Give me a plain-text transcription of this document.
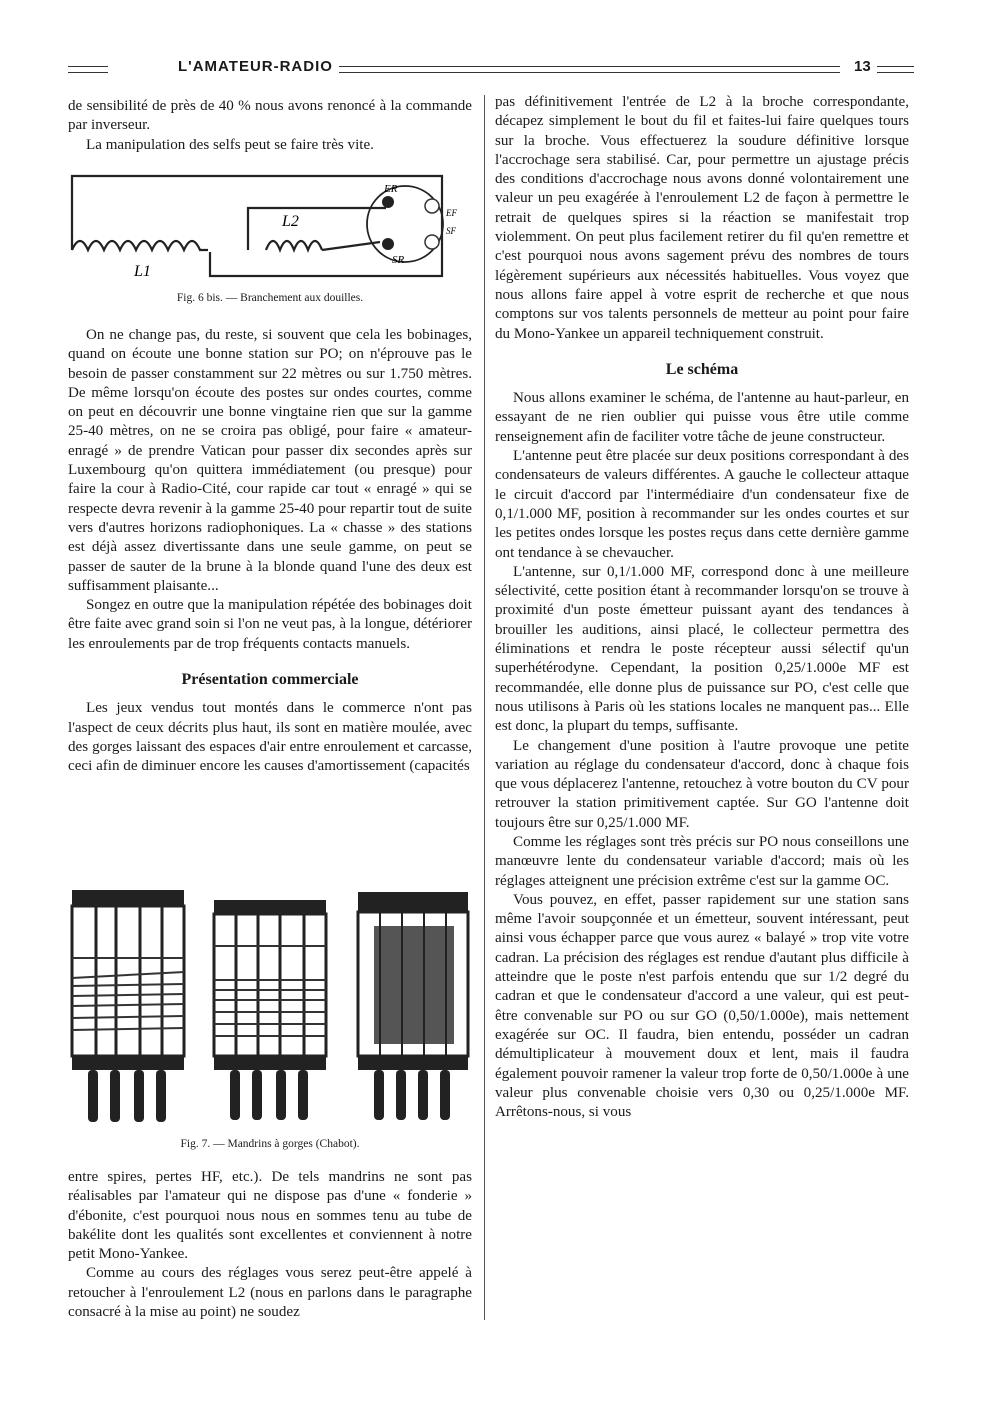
L'AMATEUR-RADIO	13

de sensibilité de près de 40 % nous avons renoncé à la commande par inverseur.

La manipulation des selfs peut se faire très vite.

L1
L2
ER
SR
EF
SF
Fig. 6 bis. — Branchement aux douilles.

On ne change pas, du reste, si souvent que cela les bobinages, quand on écoute une bonne station sur PO; on n'éprouve pas le besoin de passer constamment sur 22 mètres ou sur 1.750 mètres. De même lorsqu'on écoute des postes sur ondes courtes, comme on peut en découvrir une bonne vingtaine rien que sur la gamme 25-40 mètres, on ne se croira pas obligé, pour faire « amateur-enragé » de prendre Vatican pour passer dix secondes après sur Luxembourg qu'on quittera immédiatement (ou presque) pour faire la cour à Radio-Cité, cour rapide car tout « enragé » qui se respecte devra revenir à la gamme 25-40 pour repartir tout de suite vers d'autres horizons radiophoniques. La « chasse » des stations est déjà assez divertissante dans une seule gamme, on peut se passer de sauter de la brune à la blonde quand l'une des deux est suffisamment plaisante...

Songez en outre que la manipulation répétée des bobinages doit être faite avec grand soin si l'on ne veut pas, à la longue, détériorer les enroulements par de trop fréquents contacts manuels.

Présentation commerciale

Les jeux vendus tout montés dans le commerce n'ont pas l'aspect de ceux décrits plus haut, ils sont en matière moulée, avec des gorges laissant des espaces d'air entre enroulement et carcasse, ceci afin de diminuer encore les causes d'amortissement (capacités

Fig. 7. — Mandrins à gorges (Chabot).

entre spires, pertes HF, etc.). De tels mandrins ne sont pas réalisables par l'amateur qui ne dispose pas d'une « fonderie » d'ébonite, c'est pourquoi nous nous en sommes tenu au tube de bakélite dont les qualités sont excellentes et conviennent à notre petit Mono-Yankee.

Comme au cours des réglages vous serez peut-être appelé à retoucher à l'enroulement L2 (nous en parlons dans le paragraphe consacré à la mise au point) ne soudez

pas définitivement l'entrée de L2 à la broche correspondante, décapez simplement le bout du fil et faites-lui faire quelques tours sur la broche. Vous effectuerez la soudure définitive lorsque l'accrochage sera stabilisé. Car, pour permettre un ajustage précis des conditions d'accrochage nous avons donné volontairement une valeur un peu exagérée à l'enroulement L2 de façon à permettre le retrait de quelques spires si la réaction se manifestait trop violemment. On peut plus facilement retirer du fil qu'en remettre et c'est pourquoi nous avons sagement prévu des nombres de tours légèrement supérieurs aux nécessités habituelles. Vous voyez que nous allons faire appel à votre esprit de recherche et que nous comptons sur vos talents personnels de metteur au point pour faire du Mono-Yankee un appareil techniquement construit.

Le schéma

Nous allons examiner le schéma, de l'antenne au haut-parleur, en essayant de ne rien oublier qui puisse vous être utile comme renseignement afin de faciliter votre tâche de jeune constructeur.

L'antenne peut être placée sur deux positions correspondant à des condensateurs de valeurs différentes. A gauche le collecteur attaque le circuit d'accord par l'intermédiaire d'un condensateur fixe de 0,1/1.000 MF, position à recommander sur les ondes courtes et sur les petites ondes lorsque les postes reçus dans cette dernière gamme ont tendance à se chevaucher.

L'antenne, sur 0,1/1.000 MF, correspond donc à une meilleure sélectivité, cette position étant à recommander lorsqu'on se trouve à proximité d'un poste émetteur puissant ayant des tendances à brouiller les auditions, ainsi placé, le collecteur permettra des éliminations et rendra le poste récepteur aussi sélectif qu'un superhétérodyne. Cependant, la position 0,25/1.000e MF est recommandée, elle donne plus de puissance sur PO, c'est celle que nous utilisons à Paris où les stations locales ne manquent pas... Elle est donc, la plupart du temps, suffisante.

Le changement d'une position à l'autre provoque une petite variation au réglage du condensateur d'accord, donc à chaque fois que vous déplacerez l'antenne, retouchez à votre bouton du CV pour retrouver la station primitivement captée. Sur GO l'antenne doit toujours être sur 0,25/1.000 MF.

Comme les réglages sont très précis sur PO nous conseillons une manœuvre lente du condensateur variable d'accord; mais où les réglages atteignent une précision extrême c'est sur la gamme OC.

Vous pouvez, en effet, passer rapidement sur une station sans même l'avoir soupçonnée et un émetteur, souvent intéressant, peut ainsi vous échapper parce que vous aurez « balayé » trop vite votre cadran. La précision des réglages est rendue d'autant plus difficile à atteindre que le poste n'est parfois entendu que sur 1/2 degré du cadran et que le condensateur d'accord a une valeur, qui est peut-être convenable sur PO ou sur GO (0,50/1.000e), mais nettement exagérée sur OC. Il faudra, bien entendu, posséder un cadran démultiplicateur à mouvement doux et lent, mais il faudra également pouvoir ramener la valeur trop forte de 0,50/1.000e à une valeur plus convenable choisie vers 0,30 ou 0,25/1.000e MF. Arrêtons-nous, si vous
